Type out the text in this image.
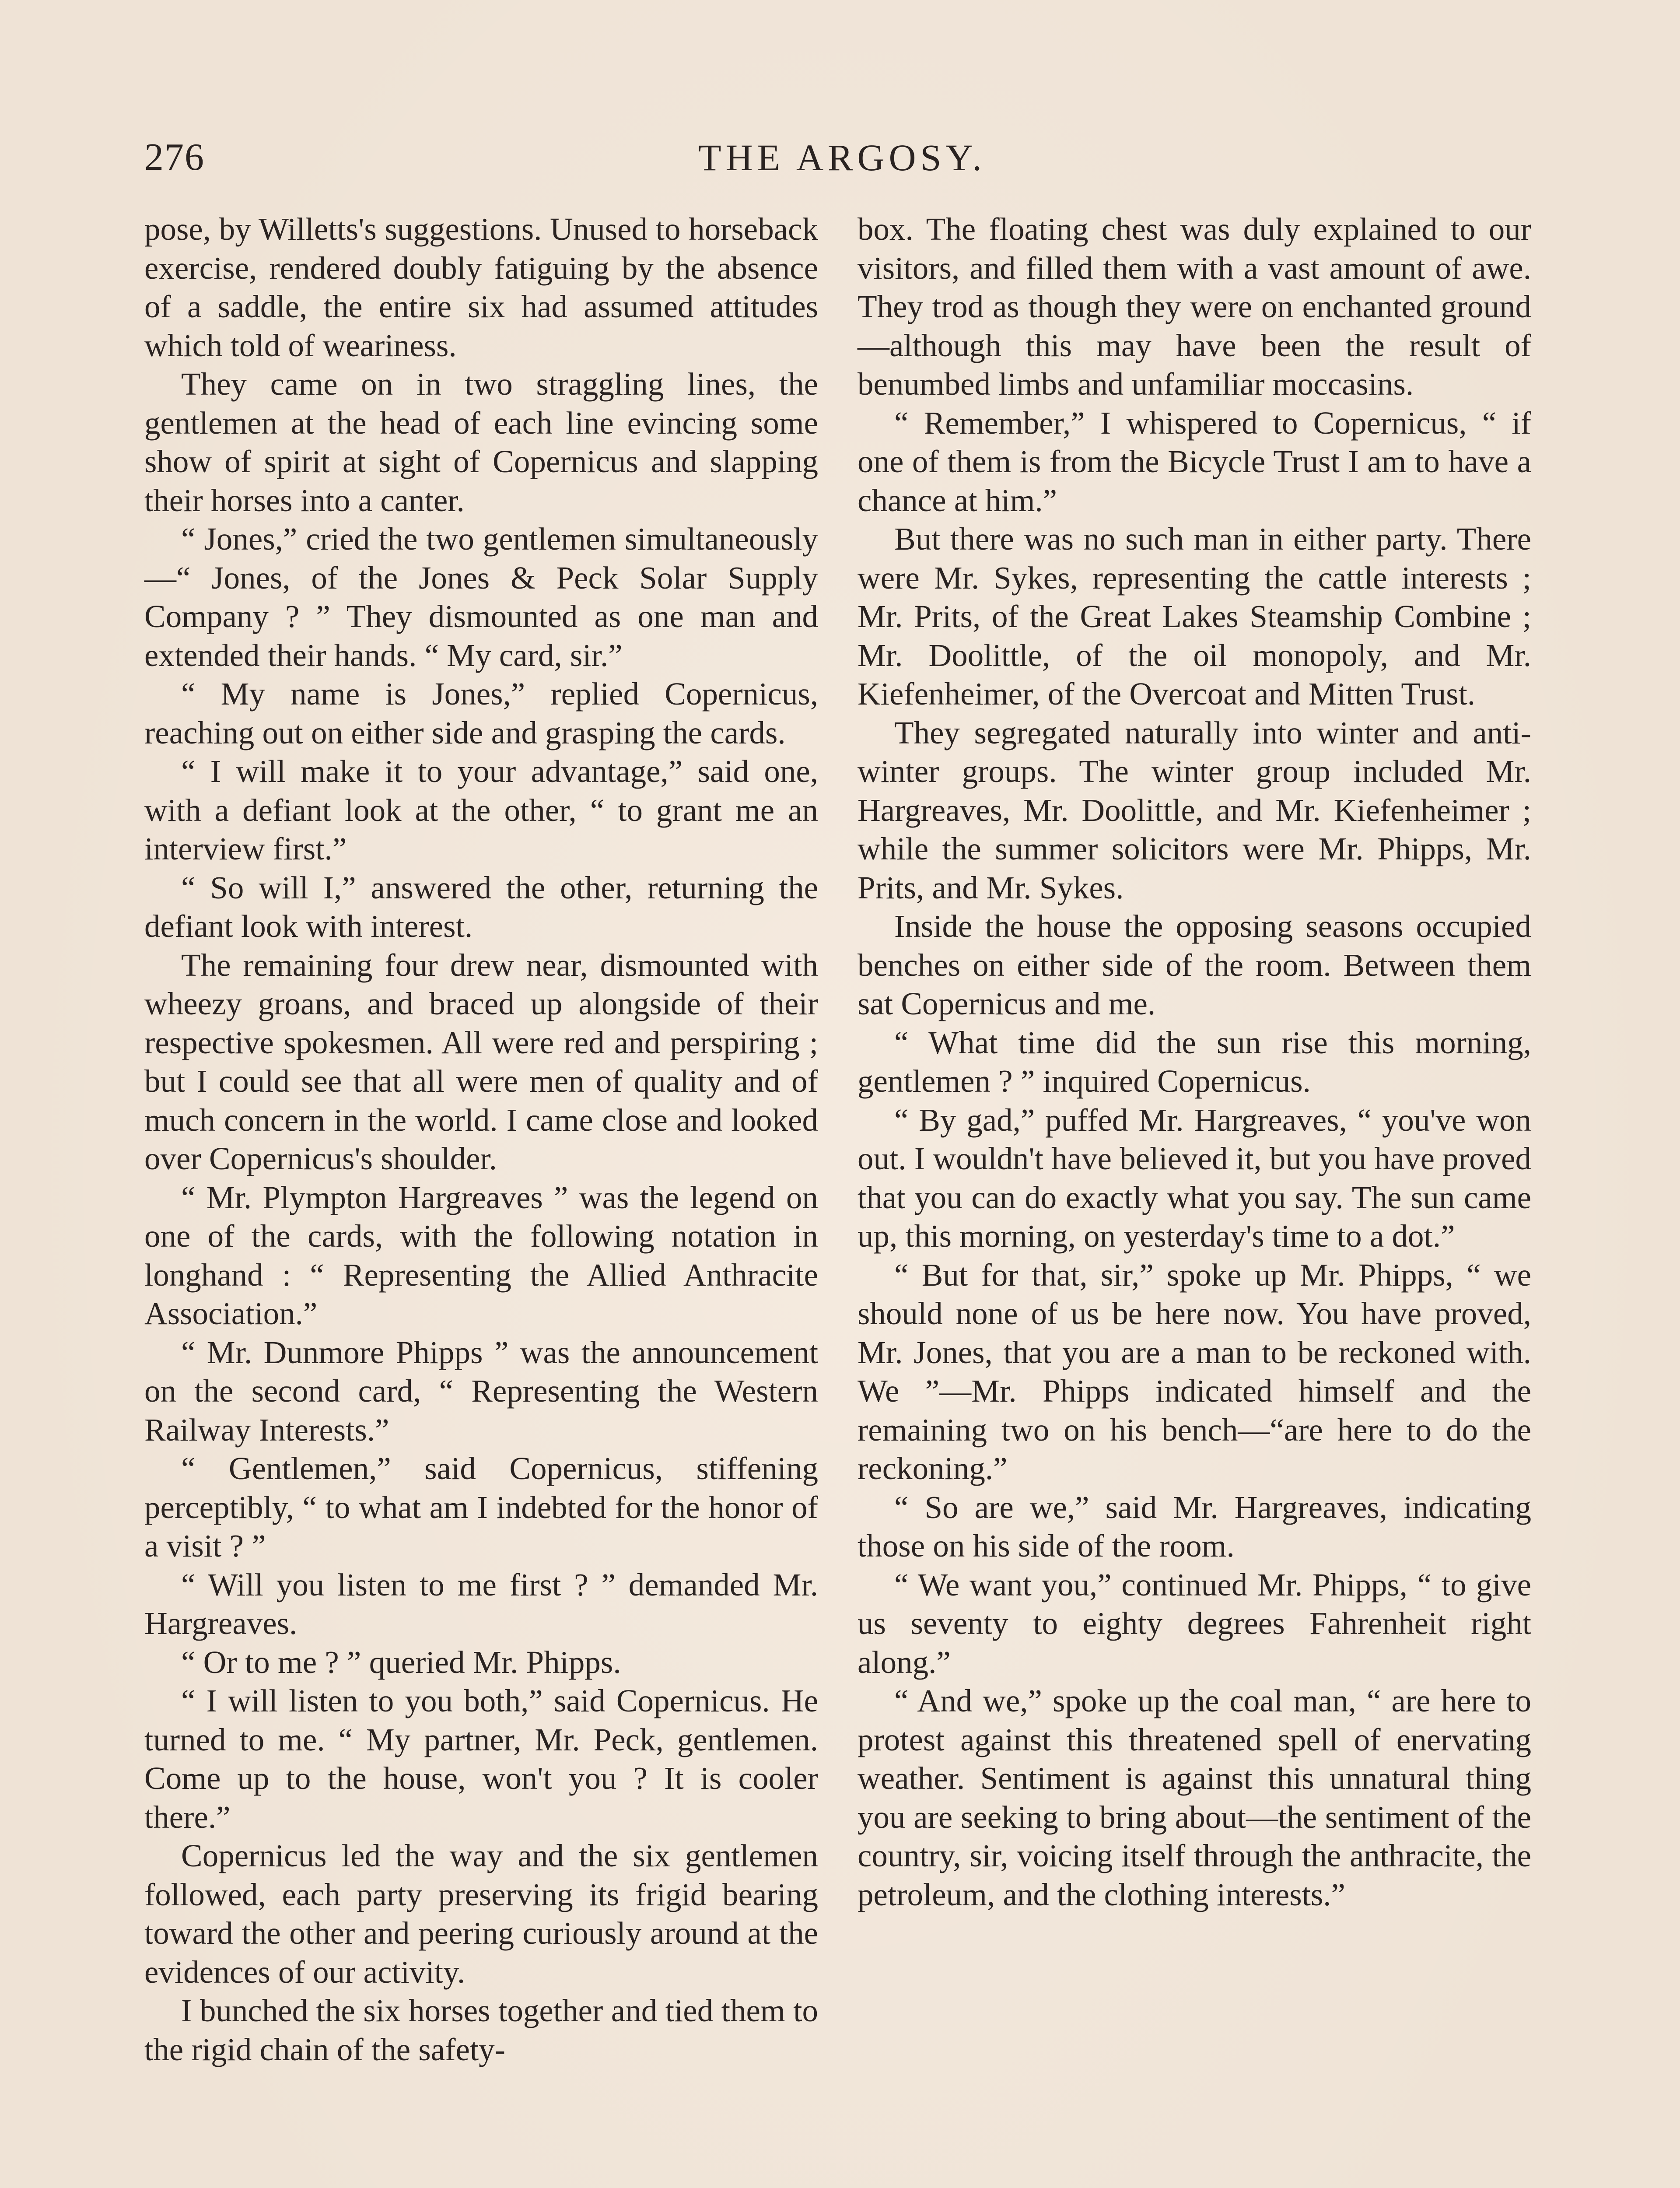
276	THE ARGOSY.

pose, by Willetts's suggestions. Unused to horseback exercise, rendered doubly fatiguing by the absence of a saddle, the entire six had assumed attitudes which told of weariness.

They came on in two straggling lines, the gentlemen at the head of each line evincing some show of spirit at sight of Copernicus and slapping their horses into a canter.

“ Jones,” cried the two gentlemen simultaneously—“ Jones, of the Jones & Peck Solar Supply Company ? ” They dismounted as one man and extended their hands. “ My card, sir.”

“ My name is Jones,” replied Copernicus, reaching out on either side and grasping the cards.

“ I will make it to your advantage,” said one, with a defiant look at the other, “ to grant me an interview first.”

“ So will I,” answered the other, returning the defiant look with interest.

The remaining four drew near, dismounted with wheezy groans, and braced up alongside of their respective spokesmen. All were red and perspiring ; but I could see that all were men of quality and of much concern in the world. I came close and looked over Copernicus's shoulder.

“ Mr. Plympton Hargreaves ” was the legend on one of the cards, with the following notation in longhand : “ Representing the Allied Anthracite Association.”

“ Mr. Dunmore Phipps ” was the announcement on the second card, “ Representing the Western Railway Interests.”

“ Gentlemen,” said Copernicus, stiffening perceptibly, “ to what am I indebted for the honor of a visit ? ”

“ Will you listen to me first ? ” demanded Mr. Hargreaves.

“ Or to me ? ” queried Mr. Phipps.

“ I will listen to you both,” said Copernicus. He turned to me. “ My partner, Mr. Peck, gentlemen. Come up to the house, won't you ? It is cooler there.”

Copernicus led the way and the six gentlemen followed, each party preserving its frigid bearing toward the other and peering curiously around at the evidences of our activity.

I bunched the six horses together and tied them to the rigid chain of the safety-

box. The floating chest was duly explained to our visitors, and filled them with a vast amount of awe. They trod as though they were on enchanted ground—although this may have been the result of benumbed limbs and unfamiliar moccasins.

“ Remember,” I whispered to Copernicus, “ if one of them is from the Bicycle Trust I am to have a chance at him.”

But there was no such man in either party. There were Mr. Sykes, representing the cattle interests ; Mr. Prits, of the Great Lakes Steamship Combine ; Mr. Doolittle, of the oil monopoly, and Mr. Kiefenheimer, of the Overcoat and Mitten Trust.

They segregated naturally into winter and anti-winter groups. The winter group included Mr. Hargreaves, Mr. Doolittle, and Mr. Kiefenheimer ; while the summer solicitors were Mr. Phipps, Mr. Prits, and Mr. Sykes.

Inside the house the opposing seasons occupied benches on either side of the room. Between them sat Copernicus and me.

“ What time did the sun rise this morning, gentlemen ? ” inquired Copernicus.

“ By gad,” puffed Mr. Hargreaves, “ you've won out. I wouldn't have believed it, but you have proved that you can do exactly what you say. The sun came up, this morning, on yesterday's time to a dot.”

“ But for that, sir,” spoke up Mr. Phipps, “ we should none of us be here now. You have proved, Mr. Jones, that you are a man to be reckoned with. We ”—Mr. Phipps indicated himself and the remaining two on his bench—“are here to do the reckoning.”

“ So are we,” said Mr. Hargreaves, indicating those on his side of the room.

“ We want you,” continued Mr. Phipps, “ to give us seventy to eighty degrees Fahrenheit right along.”

“ And we,” spoke up the coal man, “ are here to protest against this threatened spell of enervating weather. Sentiment is against this unnatural thing you are seeking to bring about—the sentiment of the country, sir, voicing itself through the anthracite, the petroleum, and the clothing interests.”
